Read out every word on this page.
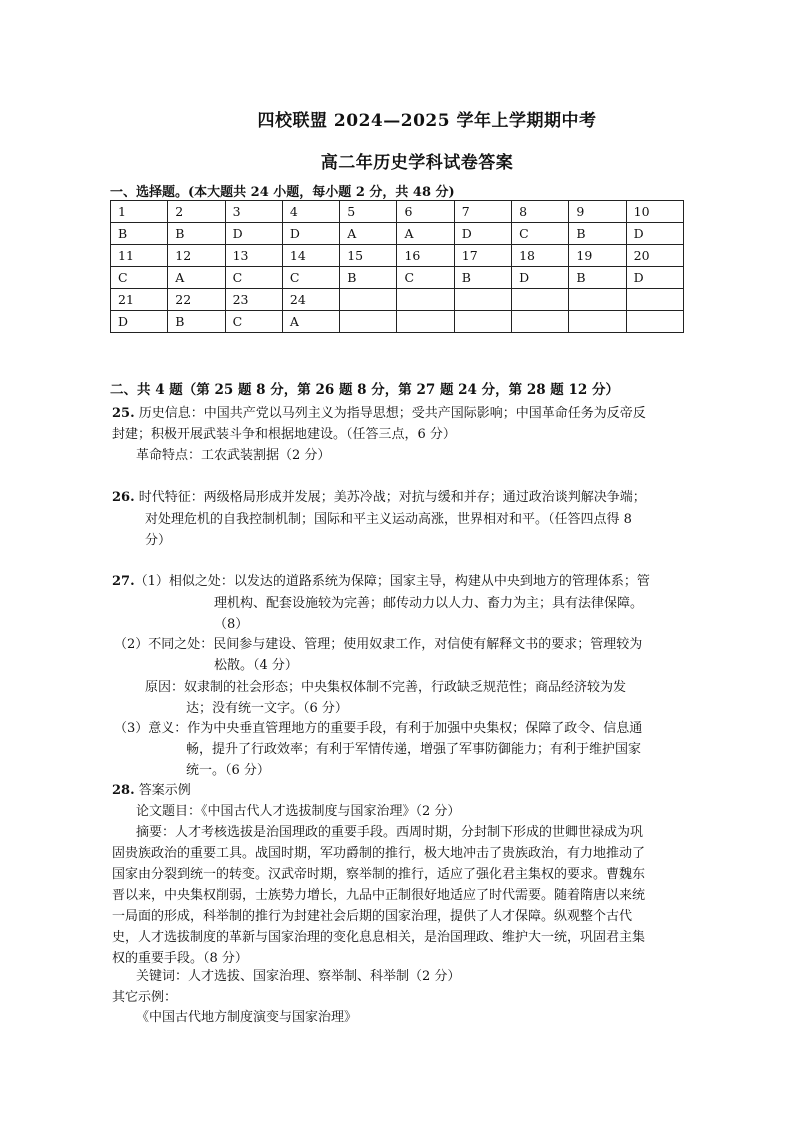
四校联盟 2024—2025 学年上学期期中考
高二年历史学科试卷答案
一、选择题。(本大题共 24 小题，每小题 2 分，共 48 分)
1	2	3	4	5	6	7	8	9	10
B	B	D	D	A	A	D	C	B	D
11	12	13	14	15	16	17	18	19	20
C	A	C	C	B	C	B	D	B	D
21	22	23	24						
D	B	C	A						
二、共 4 题（第 25 题 8 分，第 26 题 8 分，第 27 题 24 分，第 28 题 12 分）
25. 历史信息：中国共产党以马列主义为指导思想；受共产国际影响；中国革命任务为反帝反
封建；积极开展武装斗争和根据地建设。（任答三点，6 分）
革命特点：工农武装割据（2 分）
26. 时代特征：两级格局形成并发展；美苏冷战；对抗与缓和并存；通过政治谈判解决争端；
对处理危机的自我控制机制；国际和平主义运动高涨，世界相对和平。（任答四点得 8
分）
27.（1）相似之处：以发达的道路系统为保障；国家主导，构建从中央到地方的管理体系；管
理机构、配套设施较为完善；邮传动力以人力、畜力为主；具有法律保障。
（8）
（2）不同之处：民间参与建设、管理；使用奴隶工作，对信使有解释文书的要求；管理较为
松散。（4 分）
原因：奴隶制的社会形态；中央集权体制不完善，行政缺乏规范性；商品经济较为发
达；没有统一文字。（6 分）
（3）意义：作为中央垂直管理地方的重要手段，有利于加强中央集权；保障了政令、信息通
畅，提升了行政效率；有利于军情传递，增强了军事防御能力；有利于维护国家
统一。（6 分）
28. 答案示例
论文题目：《中国古代人才选拔制度与国家治理》（2 分）
摘要：人才考核选拔是治国理政的重要手段。西周时期，分封制下形成的世卿世禄成为巩
固贵族政治的重要工具。战国时期，军功爵制的推行，极大地冲击了贵族政治，有力地推动了
国家由分裂到统一的转变。汉武帝时期，察举制的推行，适应了强化君主集权的要求。曹魏东
晋以来，中央集权削弱，士族势力增长，九品中正制很好地适应了时代需要。随着隋唐以来统
一局面的形成，科举制的推行为封建社会后期的国家治理，提供了人才保障。纵观整个古代
史，人才选拔制度的革新与国家治理的变化息息相关，是治国理政、维护大一统，巩固君主集
权的重要手段。（8 分）
关键词：人才选拔、国家治理、察举制、科举制（2 分）
其它示例：
《中国古代地方制度演变与国家治理》
